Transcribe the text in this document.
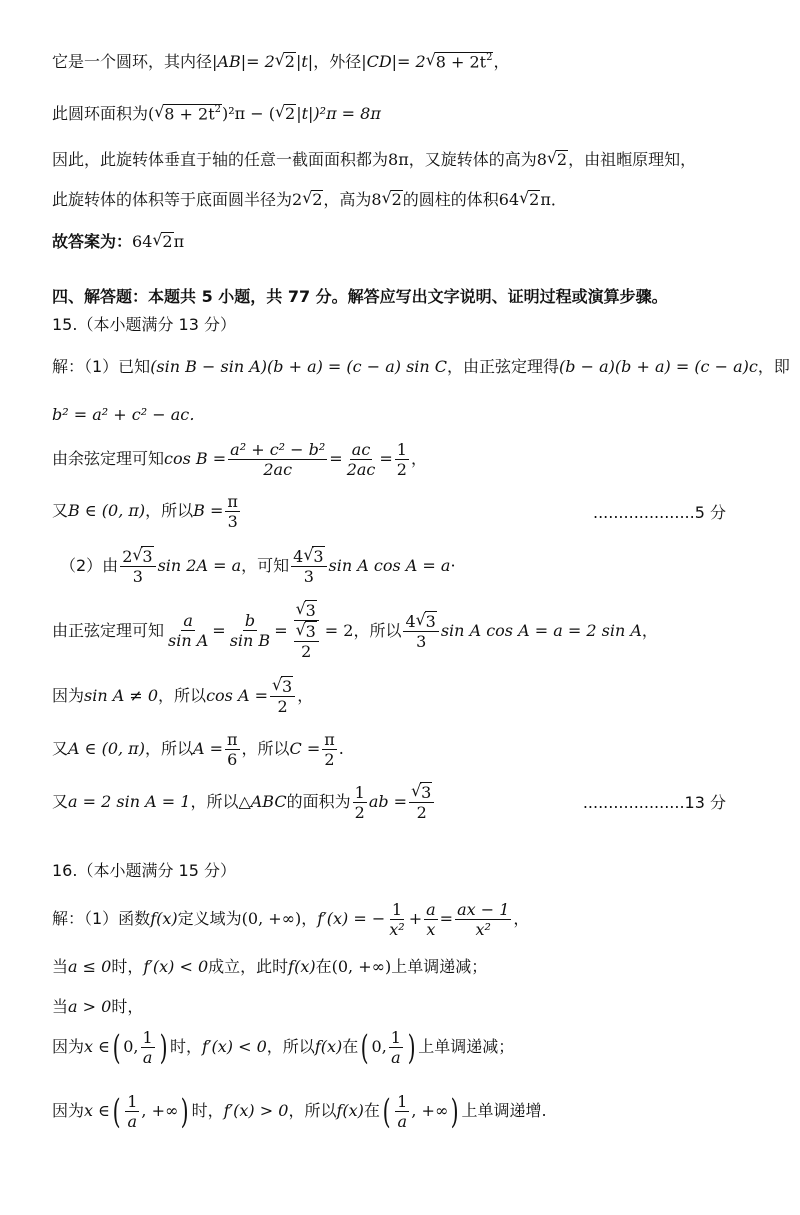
它是一个圆环，其内径 |AB|= 2 √ 2 |t| ，外径 |CD|= 2 √ $8 + 2t^2$ ，
此圆环面积为 ( √ $8 + 2t^2$ )²π − ( √ 2 |t|)²π = 8π
因此，此旋转体垂直于轴的任意一截面面积都为 8π ，又旋转体的高为 8 √ 2 ，由祖暅原理知，
此旋转体的体积等于底面圆半径为 2 √ 2 ，高为 8 √ 2 的圆柱的体积 64 √ 2 π ．
故答案为： 64 √ 2 π
四、解答题：本题共 5 小题，共 77 分。解答应写出文字说明、证明过程或演算步骤。
15.（本小题满分 13 分）
解：（1）已知 (sin B − sin A)(b + a) = (c − a) sin C ，由正弦定理得 (b − a)(b + a) = (c − a)c ，即
b² = a² + c² − ac．
由余弦定理可知 $\cos B = \frac{\text{a² + c² − b²}}{2ac} = \frac{ac}{2ac} = \frac{1}{2}$ ，
又 B ∈ (0, π) ，所以 $B = \frac{\pi}{3}$	....................5 分
（2）由 $\frac{2 √ 3}{3}$ sin 2A = a ，可知 $\frac{4 √ 3}{3}$ sin A cos A = a ·
由正弦定理可知 $\frac{a}{\text{sin A}} = \frac{b}{\text{sin B}}$ = √ 3
√ $\frac{3}{2} = 2$ ，所以 $\frac{4 √ 3}{3}$ sin A cos A = a = 2 sin A ，
因为 sin A ≠ 0 ，所以 cos A = √ $\frac{3}{2}$ ，
又 A ∈ (0, π) ，所以 $A = \frac{\pi}{6}$ ，所以 $C = \frac{\pi}{2}$ .
又 a = 2 sin A = 1 ，所以△ ABC 的面积为 $\frac{1}{2}$ ab = √ $\frac{3}{2}$	....................13 分
16.（本小题满分 15 分）
解：（1）函数 f(x) 定义域为 (0, +∞) ， f′(x) = − $\frac{1}{\text{x²}} + \frac{a}{x} = \frac{ax - 1}{\text{x²}}$ ，
当 a ≤ 0 时， f′(x) < 0 成立，此时 f(x) 在 (0, +∞) 上单调递减；
当 a > 0 时，
因为 x ∈ ( 0, $\frac{1}{a}$ ) 时， f′(x) < 0 ，所以 f(x) 在 ( 0, $\frac{1}{a}$ ) 上单调递减；
因为 x ∈ ( $\frac{1}{a}$ , +∞ ) 时， f′(x) > 0 ，所以 f(x) 在 ( $\frac{1}{a}$ , +∞ ) 上单调递增.
